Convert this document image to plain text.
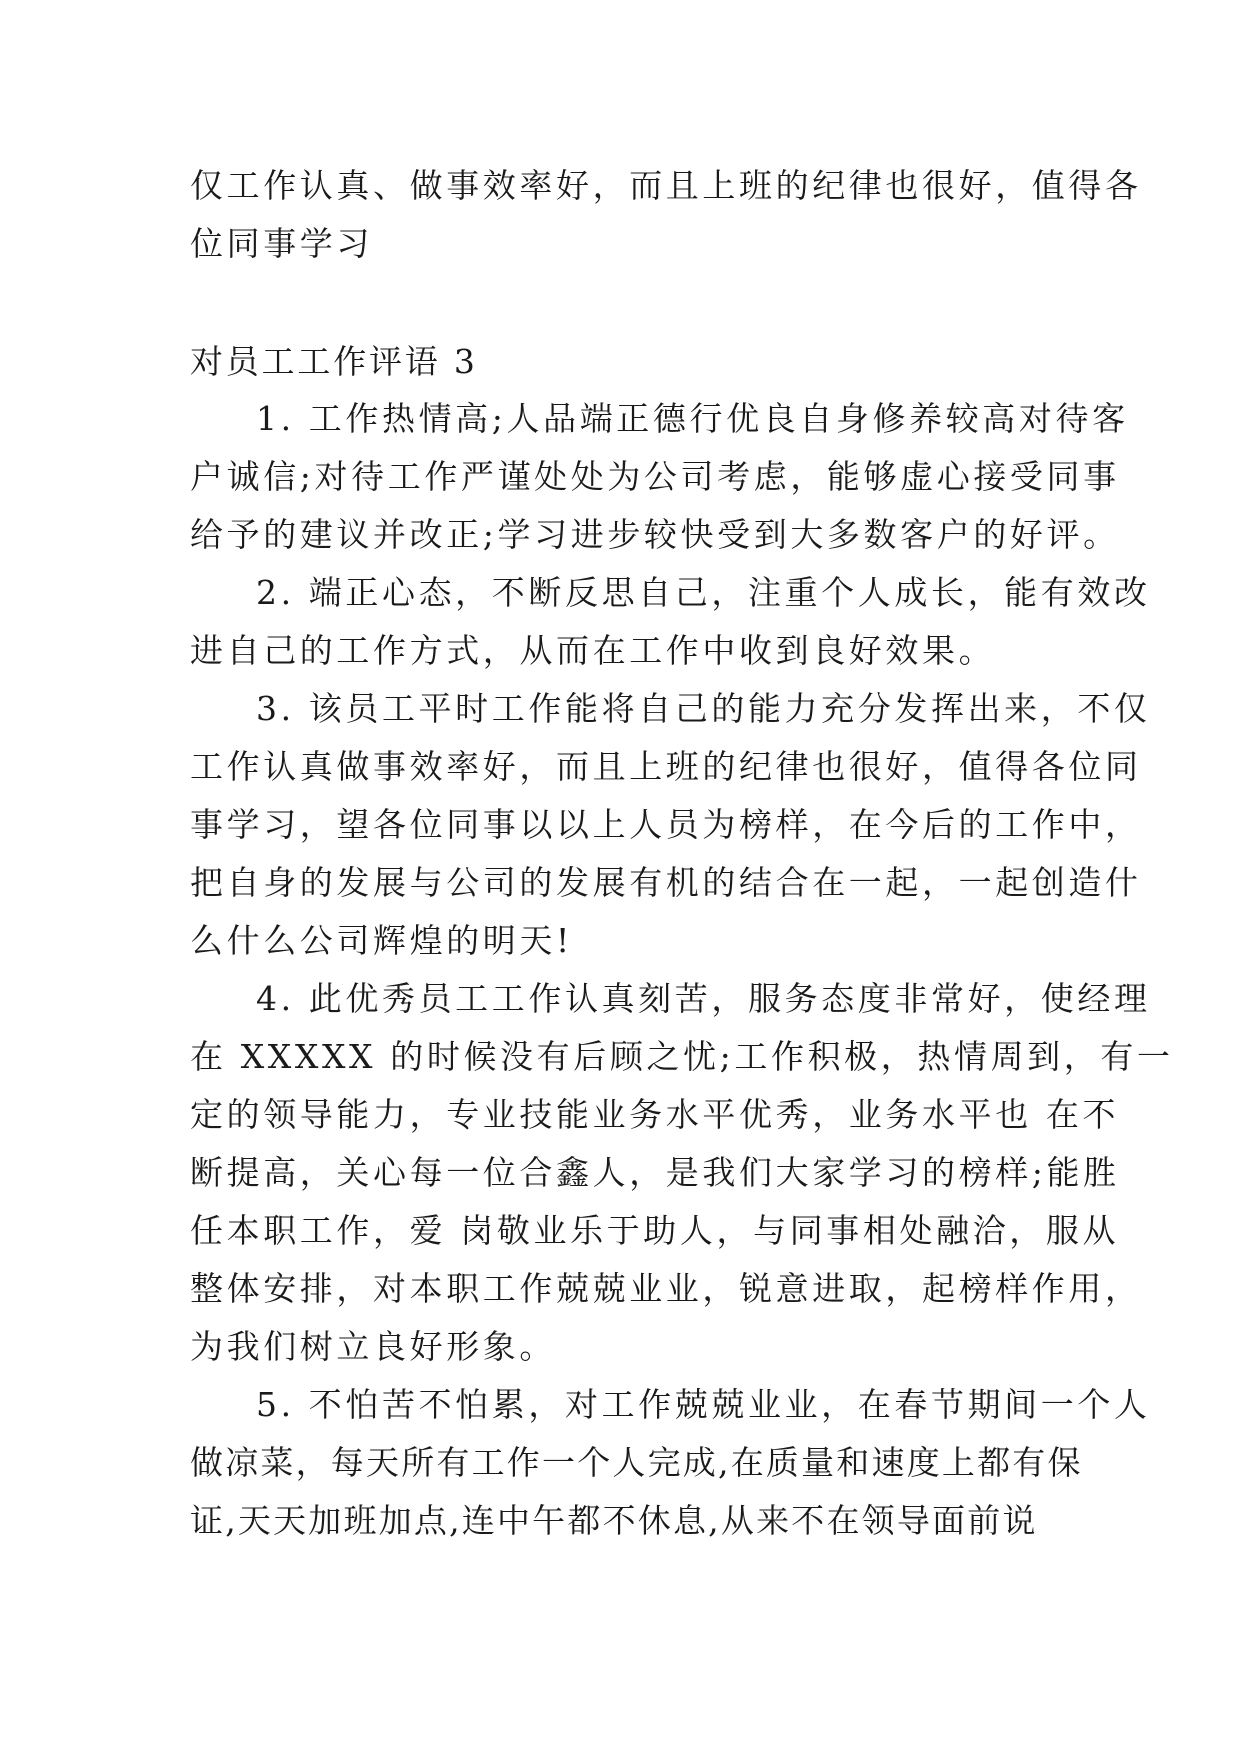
仅工作认真、做事效率好，而且上班的纪律也很好，值得各

位同事学习

对员工工作评语 3

1. 工作热情高;人品端正德行优良自身修养较高对待客

户诚信;对待工作严谨处处为公司考虑，能够虚心接受同事

给予的建议并改正;学习进步较快受到大多数客户的好评。

2. 端正心态，不断反思自己，注重个人成长，能有效改

进自己的工作方式，从而在工作中收到良好效果。

3. 该员工平时工作能将自己的能力充分发挥出来，不仅

工作认真做事效率好，而且上班的纪律也很好，值得各位同

事学习，望各位同事以以上人员为榜样，在今后的工作中，

把自身的发展与公司的发展有机的结合在一起，一起创造什

么什么公司辉煌的明天!

4. 此优秀员工工作认真刻苦，服务态度非常好，使经理

在 XXXXX 的时候没有后顾之忧;工作积极，热情周到，有一

定的领导能力，专业技能业务水平优秀，业务水平也 在不

断提高，关心每一位合鑫人，是我们大家学习的榜样;能胜

任本职工作，爱 岗敬业乐于助人，与同事相处融洽，服从

整体安排，对本职工作兢兢业业，锐意进取，起榜样作用，

为我们树立良好形象。

5. 不怕苦不怕累，对工作兢兢业业，在春节期间一个人

做凉菜，每天所有工作一个人完成,在质量和速度上都有保

证,天天加班加点,连中午都不休息,从来不在领导面前说
